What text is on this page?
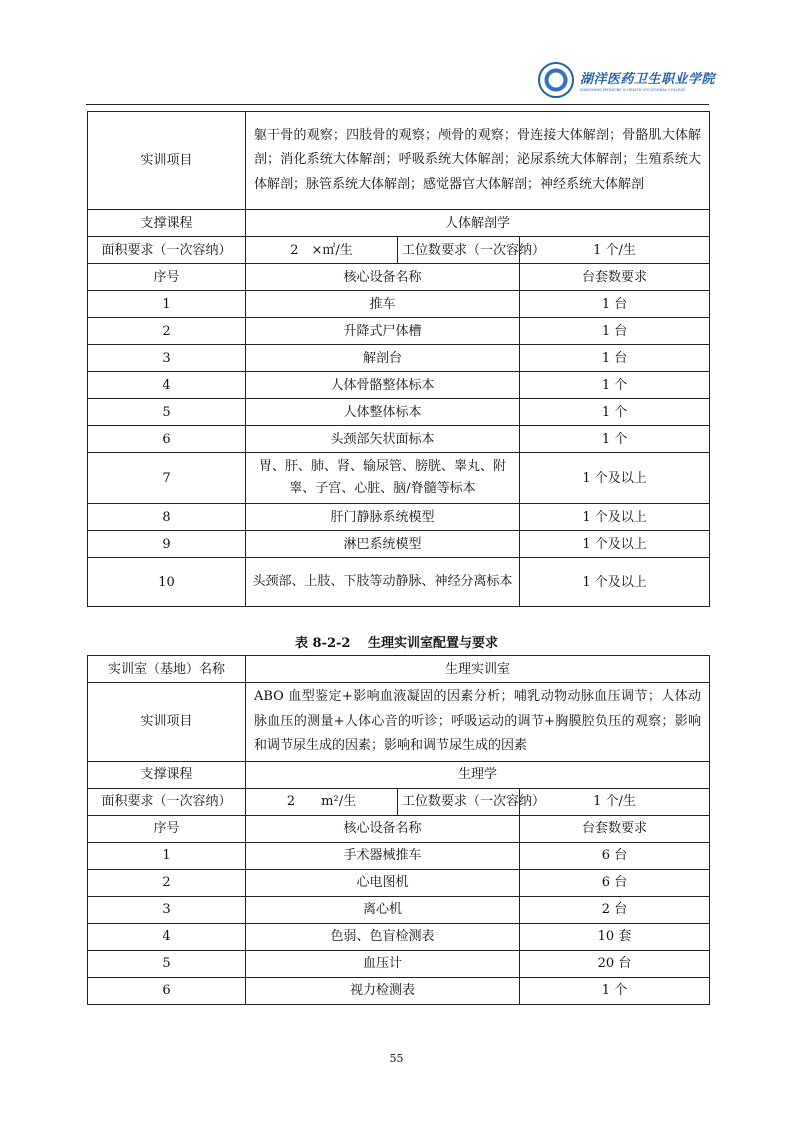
湖洋医药卫生职业学院
XIANGYANG MEDICINE & HEALTH VOCATIONAL COLLEGE
实训项目	躯干骨的观察；四肢骨的观察；颅骨的观察；骨连接大体解剖；骨骼肌大体解剖；消化系统大体解剖；呼吸系统大体解剖；泌尿系统大体解剖；生殖系统大体解剖；脉管系统大体解剖；感觉器官大体解剖；神经系统大体解剖		
支撑课程	人体解剖学		
面积要求（一次容纳）	2　×㎡/生	工位数要求（一次容纳）	1 个/生
序号	核心设备名称		台套数要求
1	推车		1 台
2	升降式尸体槽		1 台
3	解剖台		1 台
4	人体骨骼整体标本		1 个
5	人体整体标本		1 个
6	头颈部矢状面标本		1 个
7	胃、肝、肺、肾、输尿管、膀胱、睾丸、附睾、子宫、心脏、脑/脊髓等标本		1 个及以上
8	肝门静脉系统模型		1 个及以上
9	淋巴系统模型		1 个及以上
10	头颈部、上肢、下肢等动静脉、神经分离标本		1 个及以上
表 8-2-2　 生理实训室配置与要求
实训室（基地）名称	生理实训室		
实训项目	ABO 血型鉴定+影响血液凝固的因素分析；哺乳动物动脉血压调节；人体动脉血压的测量+人体心音的听诊；呼吸运动的调节+胸膜腔负压的观察；影响和调节尿生成的因素；影响和调节尿生成的因素		
支撑课程	生理学		
面积要求（一次容纳）	2　　m²/生	工位数要求（一次容纳）	1 个/生
序号	核心设备名称		台套数要求
1	手术器械推车		6 台
2	心电图机		6 台
3	离心机		2 台
4	色弱、色盲检测表		10 套
5	血压计		20 台
6	视力检测表		1 个
55
